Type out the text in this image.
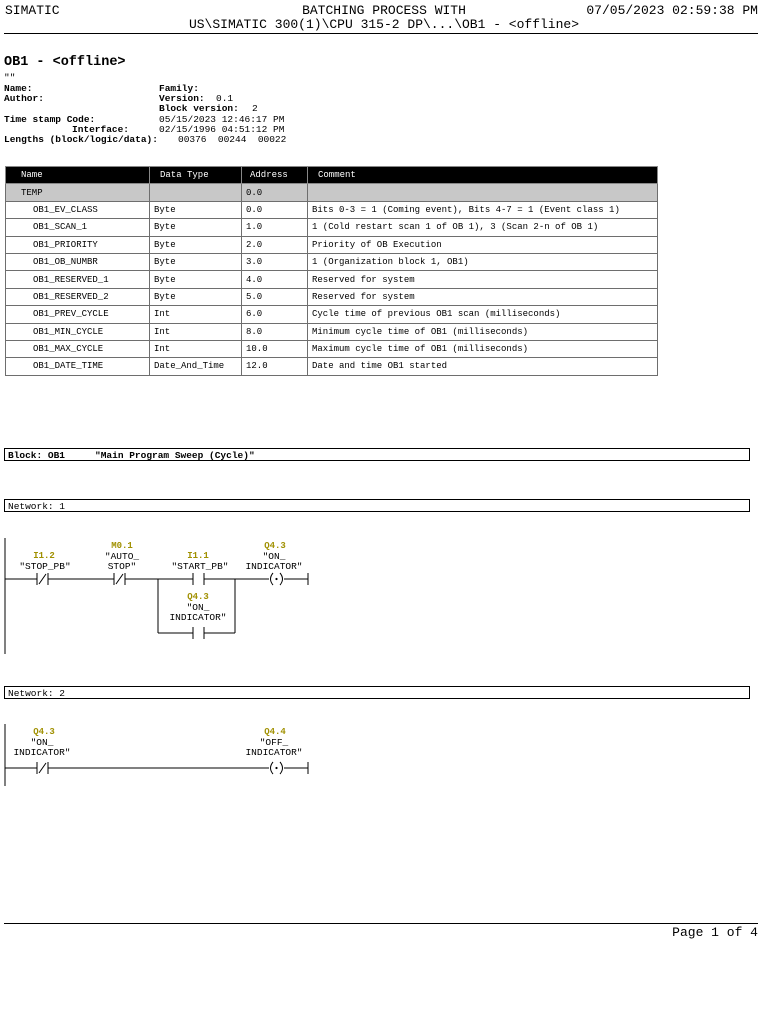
SIMATIC	BATCHING PROCESS WITH
US\SIMATIC 300(1)\CPU 315-2 DP\...\OB1 - <offline>
07/05/2023 02:59:38 PM
OB1 - <offline>
""
Name:	Family:
Author:	Version: 0.1
Block version: 2
Time stamp Code:	05/15/2023 12:46:17 PM
Interface:	02/15/1996 04:51:12 PM
Lengths (block/logic/data): 00376  00244  00022
Name	Data Type	Address	Comment
TEMP		0.0	
OB1_EV_CLASS	Byte	0.0	Bits 0-3 = 1 (Coming event), Bits 4-7 = 1 (Event class 1)
OB1_SCAN_1	Byte	1.0	1 (Cold restart scan 1 of OB 1), 3 (Scan 2-n of OB 1)
OB1_PRIORITY	Byte	2.0	Priority of OB Execution
OB1_OB_NUMBR	Byte	3.0	1 (Organization block 1, OB1)
OB1_RESERVED_1	Byte	4.0	Reserved for system
OB1_RESERVED_2	Byte	5.0	Reserved for system
OB1_PREV_CYCLE	Int	6.0	Cycle time of previous OB1 scan (milliseconds)
OB1_MIN_CYCLE	Int	8.0	Minimum cycle time of OB1 (milliseconds)
OB1_MAX_CYCLE	Int	10.0	Maximum cycle time of OB1 (milliseconds)
OB1_DATE_TIME	Date_And_Time	12.0	Date and time OB1 started
Block: OB1	"Main Program Sweep (Cycle)"
Network: 1
I1.2
"STOP_PB"
M0.1
"AUTO_
STOP"
I1.1
"START_PB"
Q4.3
"ON_
INDICATOR"
Q4.3
"ON_
INDICATOR"
Network: 2
Q4.3
"ON_
INDICATOR"
Q4.4
"OFF_
INDICATOR"
Page 1 of 4
